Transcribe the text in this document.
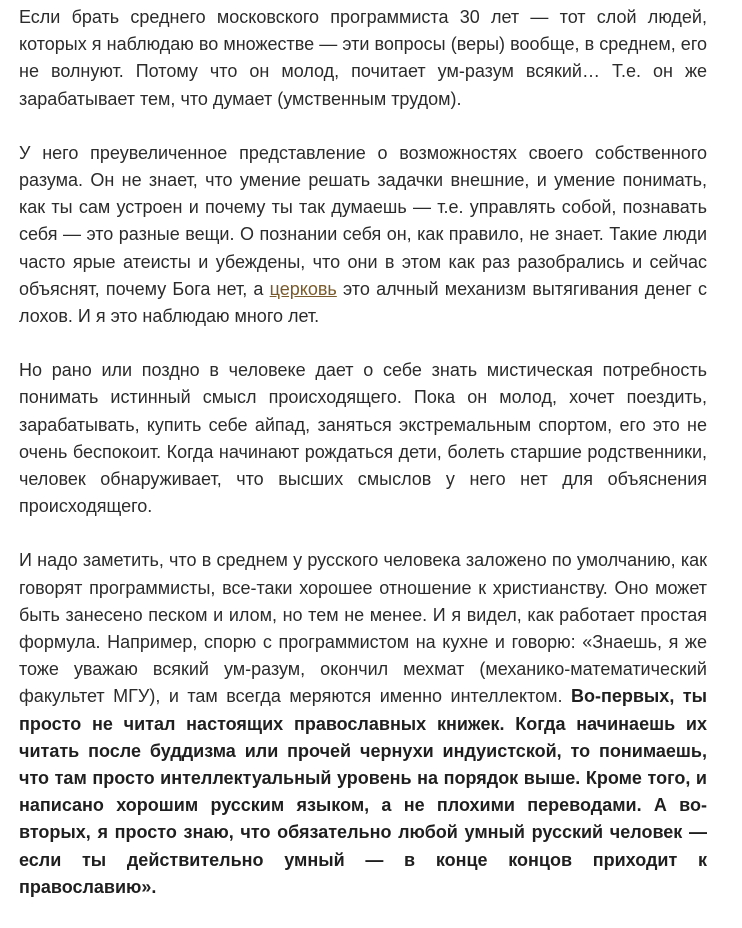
Если брать среднего московского программиста 30 лет — тот слой людей, которых я наблюдаю во множестве — эти вопросы (веры) вообще, в среднем, его не волнуют. Потому что он молод, почитает ум-разум всякий… Т.е. он же зарабатывает тем, что думает (умственным трудом).

У него преувеличенное представление о возможностях своего собственного разума. Он не знает, что умение решать задачки внешние, и умение понимать, как ты сам устроен и почему ты так думаешь — т.е. управлять собой, познавать себя — это разные вещи. О познании себя он, как правило, не знает. Такие люди часто ярые атеисты и убеждены, что они в этом как раз разобрались и сейчас объяснят, почему Бога нет, а церковь это алчный механизм вытягивания денег с лохов. И я это наблюдаю много лет.

Но рано или поздно в человеке дает о себе знать мистическая потребность понимать истинный смысл происходящего. Пока он молод, хочет поездить, зарабатывать, купить себе айпад, заняться экстремальным спортом, его это не очень беспокоит. Когда начинают рождаться дети, болеть старшие родственники, человек обнаруживает, что высших смыслов у него нет для объяснения происходящего.

И надо заметить, что в среднем у русского человека заложено по умолчанию, как говорят программисты, все-таки хорошее отношение к христианству. Оно может быть занесено песком и илом, но тем не менее. И я видел, как работает простая формула. Например, спорю с программистом на кухне и говорю: «Знаешь, я же тоже уважаю всякий ум-разум, окончил мехмат (механико-математический факультет МГУ), и там всегда меряются именно интеллектом. Во-первых, ты просто не читал настоящих православных книжек. Когда начинаешь их читать после буддизма или прочей чернухи индуистской, то понимаешь, что там просто интеллектуальный уровень на порядок выше. Кроме того, и написано хорошим русским языком, а не плохими переводами. А во-вторых, я просто знаю, что обязательно любой умный русский человек — если ты действительно умный — в конце концов приходит к православию».
